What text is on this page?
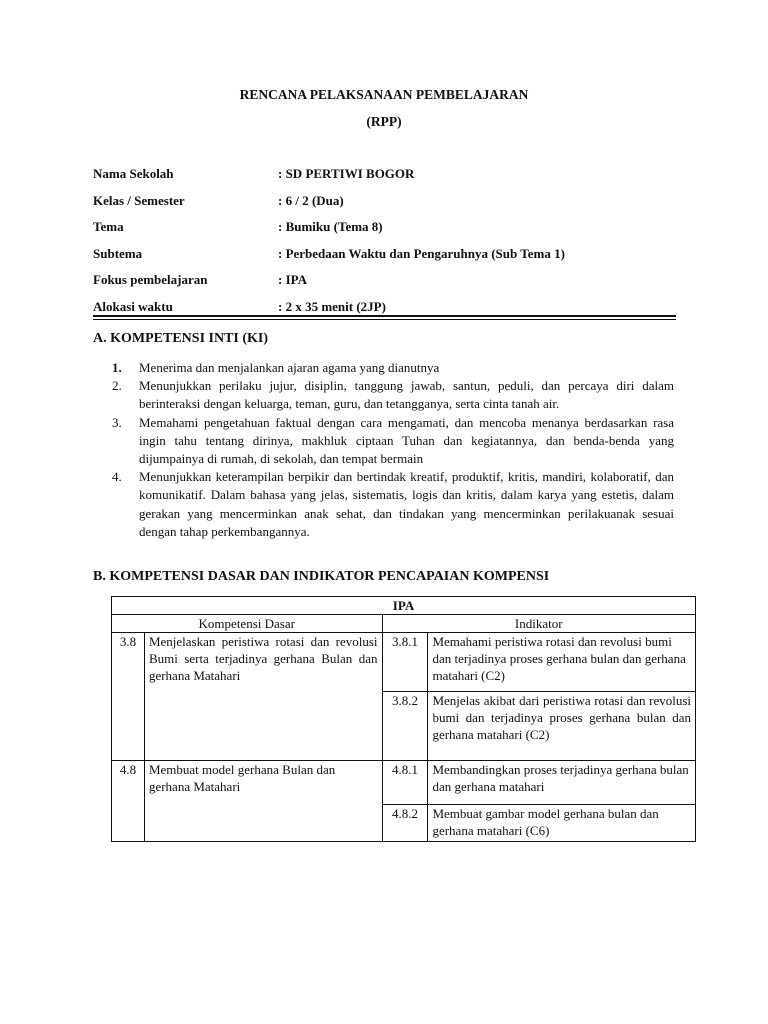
RENCANA PELAKSANAAN PEMBELAJARAN
(RPP)
Nama Sekolah	: SD PERTIWI BOGOR
Kelas / Semester	: 6 / 2 (Dua)
Tema	: Bumiku (Tema 8)
Subtema	: Perbedaan Waktu dan Pengaruhnya (Sub Tema 1)
Fokus pembelajaran	: IPA
Alokasi waktu	: 2 x 35 menit (2JP)
A. KOMPETENSI INTI (KI)
1.	Menerima dan menjalankan ajaran agama yang dianutnya
2.	Menunjukkan perilaku jujur, disiplin, tanggung jawab, santun, peduli, dan percaya diri dalam berinteraksi dengan keluarga, teman, guru, dan tetangganya, serta cinta tanah air.
3.	Memahami pengetahuan faktual dengan cara mengamati, dan mencoba menanya berdasarkan rasa ingin tahu tentang dirinya, makhluk ciptaan Tuhan dan kegiatannya, dan benda-benda yang dijumpainya di rumah, di sekolah, dan tempat bermain
4.	Menunjukkan keterampilan berpikir dan bertindak kreatif, produktif, kritis, mandiri, kolaboratif, dan komunikatif. Dalam bahasa yang jelas, sistematis, logis dan kritis, dalam karya yang estetis, dalam gerakan yang mencerminkan anak sehat, dan tindakan yang mencerminkan perilakuanak sesuai dengan tahap perkembangannya.
B. KOMPETENSI DASAR DAN INDIKATOR PENCAPAIAN KOMPENSI
IPA			
Kompetensi Dasar		Indikator	
3.8	Menjelaskan peristiwa rotasi dan revolusi Bumi serta terjadinya gerhana Bulan dan gerhana Matahari	3.8.1	Memahami peristiwa rotasi dan revolusi bumi dan terjadinya proses gerhana bulan dan gerhana matahari (C2)
		3.8.2	Menjelas akibat dari peristiwa rotasi dan revolusi bumi dan terjadinya proses gerhana bulan dan gerhana matahari (C2)
4.8	Membuat model gerhana Bulan dan gerhana Matahari	4.8.1	Membandingkan proses terjadinya gerhana bulan dan gerhana matahari
		4.8.2	Membuat gambar model gerhana bulan dan gerhana matahari (C6)
